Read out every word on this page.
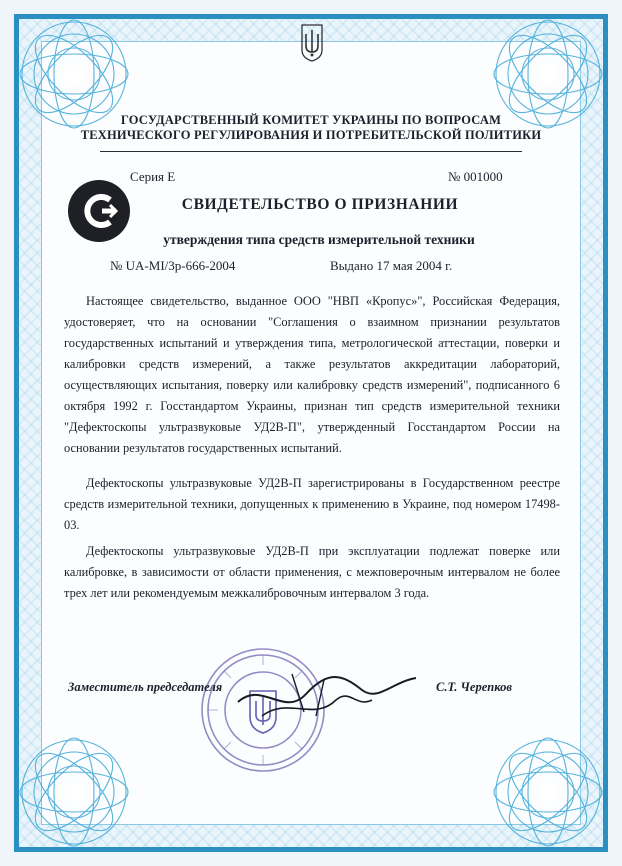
ГОСУДАРСТВЕННЫЙ КОМИТЕТ УКРАИНЫ ПО ВОПРОСАМ
ТЕХНИЧЕСКОГО РЕГУЛИРОВАНИЯ И ПОТРЕБИТЕЛЬСКОЙ ПОЛИТИКИ
Серия Е	№ 001000
СВИДЕТЕЛЬСТВО О ПРИЗНАНИИ
утверждения типа средств измерительной техники
№ UA-MI/3p-666-2004	Выдано 17 мая 2004 г.
Настоящее свидетельство, выданное ООО "НВП «Кропус»", Российская Федерация, удостоверяет, что на основании "Соглашения о взаимном признании результатов государственных испытаний и утверждения типа, метрологической аттестации, поверки и калибровки средств измерений, а также результатов аккредитации лабораторий, осуществляющих испытания, поверку или калибровку средств измерений", подписанного 6 октября 1992 г. Госстандартом Украины, признан тип средств измерительной техники "Дефектоскопы ультразвуковые УД2В-П", утвержденный Госстандартом России на основании результатов государственных испытаний.
Дефектоскопы ультразвуковые УД2В-П зарегистрированы в Государственном реестре средств измерительной техники, допущенных к применению в Украине, под номером 17498-03.
Дефектоскопы ультразвуковые УД2В-П при эксплуатации подлежат поверке или калибровке, в зависимости от области применения, с межповерочным интервалом не более трех лет или рекомендуемым межкалибровочным интервалом 3 года.
Заместитель председателя	С.Т. Черепков
